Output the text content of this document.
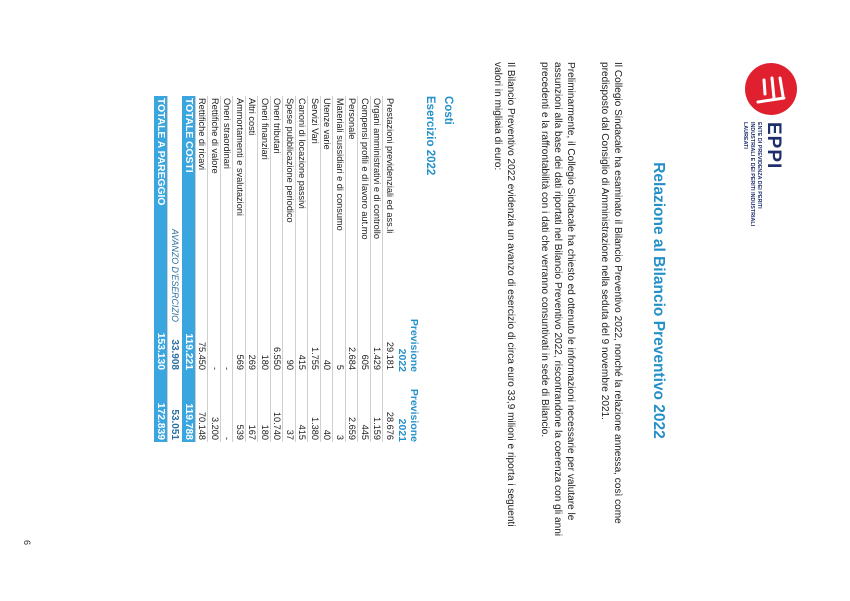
EPPI
ENTE DI PREVIDENZA DEI PERITI INDUSTRIALI E DEI PERITI INDUSTRIALI LAUREATI
Relazione al Bilancio Preventivo 2022
Il Collegio Sindacale ha esaminato il Bilancio Preventivo 2022, nonché la relazione annessa, così come predisposto dal Consiglio di Amministrazione nella seduta del 9 novembre 2021.
Preliminarmente, il Collegio Sindacale ha chiesto ed ottenuto le informazioni necessarie per valutare le assunzioni alla base dei dati riportati nel Bilancio Preventivo 2022, riscontrandone la coerenza con gli anni precedenti e la raffrontabilità con i dati che verranno consuntivati in sede di Bilancio.
Il Bilancio Preventivo 2022 evidenzia un avanzo di esercizio di circa euro 33,9 milioni e riporta i seguenti valori in migliaia di euro:
Costi
Esercizio 2022
Previsione 2022
Previsione 2021
Prestazioni previdenziali ed ass.li
29.181
28.676
Organi amministrativi e di controllo
1.429
1.159
Compensi profili e di lavoro aut.mo
605
445
Personale
2.684
2.659
Materiali sussidiari e di consumo
5
3
Utenze varie
40
40
Servizi Vari
1.755
1.380
Canoni di locazione passivi
415
415
Spese pubblicazione periodico
90
37
Oneri tributari
6.550
10.740
Oneri finanziari
180
180
Altri costi
269
167
Ammortamenti e svalutazioni
569
539
Oneri straordinari
-
-
Rettifiche di valore
-
3.200
Rettifiche di ricavi
75.450
70.148
TOTALE COSTI
119.221
119.788
AVANZO D'ESERCIZIO
33.908
53.051
TOTALE A PAREGGIO
153.130
172.839
6
